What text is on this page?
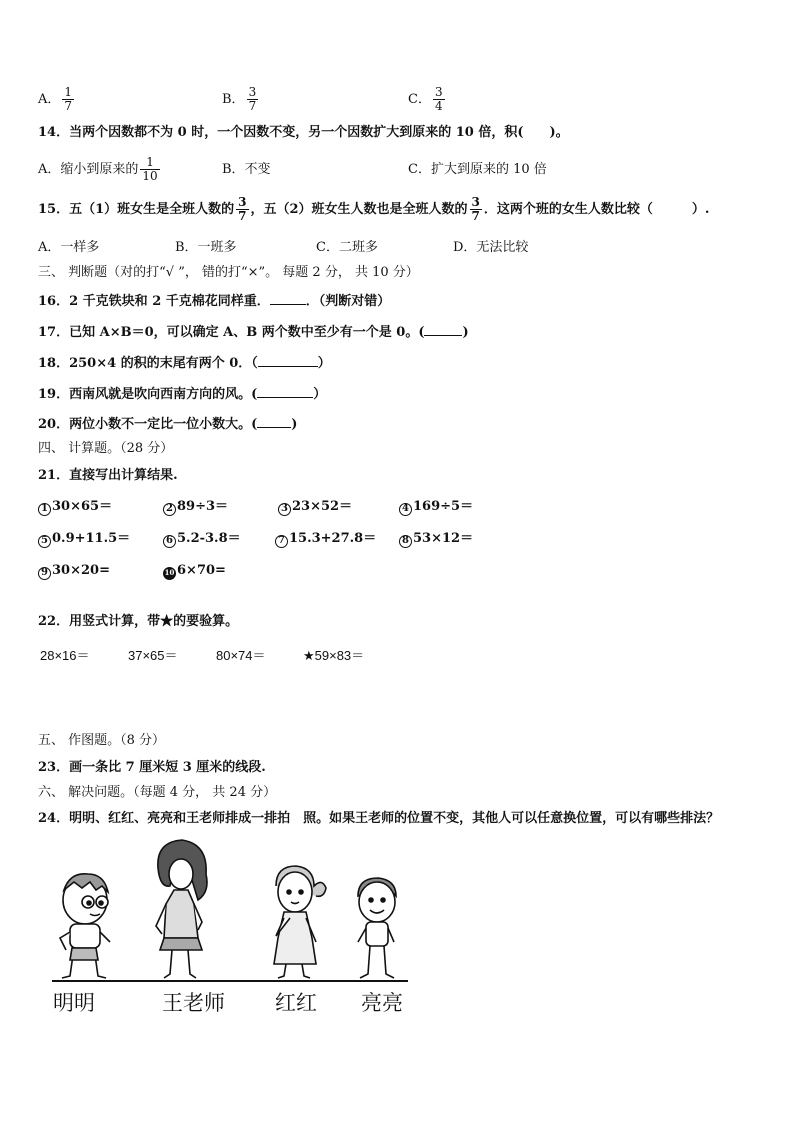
A． $\frac{1}{7}$	B． $\frac{3}{7}$	C． $\frac{3}{4}$
14．当两个因数都不为 0 时，一个因数不变，另一个因数扩大到原来的 10 倍，积(　　)。
A．缩小到原来的 $\frac{1}{10}$	B．不变	C．扩大到原来的 10 倍
15．五（1）班女生是全班人数的 $\frac{3}{7}$ ，五（2）班女生人数也是全班人数的 $\frac{3}{7}$ ．这两个班的女生人数比较（　　　）.
A．一样多	B．一班多	C．二班多	D．无法比较
三、 判断题（对的打“√ ”， 错的打“×”。 每题 2 分， 共 10 分）
16．2 千克铁块和 2 千克棉花同样重．	．（判断对错）
17．已知 A×B＝0，可以确定 A、B 两个数中至少有一个是 0。(	)
18．250×4 的积的末尾有两个 0．（	）
19．西南风就是吹向西南方向的风。(	）
20．两位小数不一定比一位小数大。(	)
四、 计算题。（28 分）
21．直接写出计算结果.
1 30×65＝	2 89÷3＝	3 23×52＝	4 169÷5＝
5 0.9+11.5＝	6 5.2-3.8＝	7 15.3+27.8＝	8 53×12＝
9 30×20=	10 6×70=
22．用竖式计算，带★的要验算。
28×16＝	37×65＝	80×74＝	★59×83＝
五、 作图题。（8 分）
23．画一条比 7 厘米短 3 厘米的线段.
六、 解决问题。（每题 4 分， 共 24 分）
24．明明、红红、亮亮和王老师排成一排拍　照。如果王老师的位置不变，其他人可以任意换位置，可以有哪些排法？
明明	王老师 红红 亮亮
